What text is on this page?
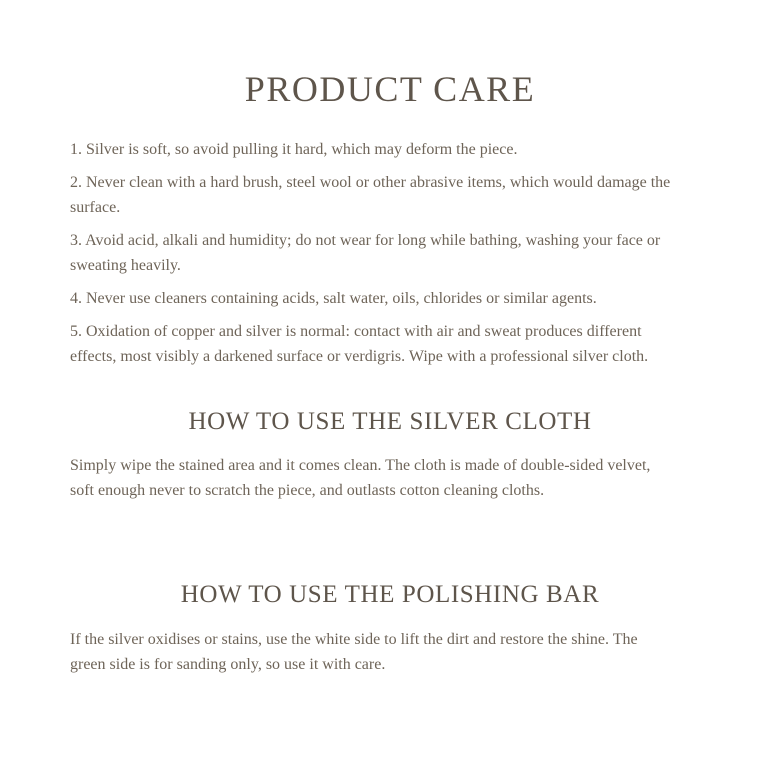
PRODUCT CARE

1. Silver is soft, so avoid pulling it hard, which may deform the piece.

2. Never clean with a hard brush, steel wool or other abrasive items, which would damage the surface.

3. Avoid acid, alkali and humidity; do not wear for long while bathing, washing your face or sweating heavily.

4. Never use cleaners containing acids, salt water, oils, chlorides or similar agents.

5. Oxidation of copper and silver is normal: contact with air and sweat produces different effects, most visibly a darkened surface or verdigris. Wipe with a professional silver cloth.

HOW TO USE THE SILVER CLOTH

Simply wipe the stained area and it comes clean. The cloth is made of double-sided velvet, soft enough never to scratch the piece, and outlasts cotton cleaning cloths.

HOW TO USE THE POLISHING BAR

If the silver oxidises or stains, use the white side to lift the dirt and restore the shine. The green side is for sanding only, so use it with care.
